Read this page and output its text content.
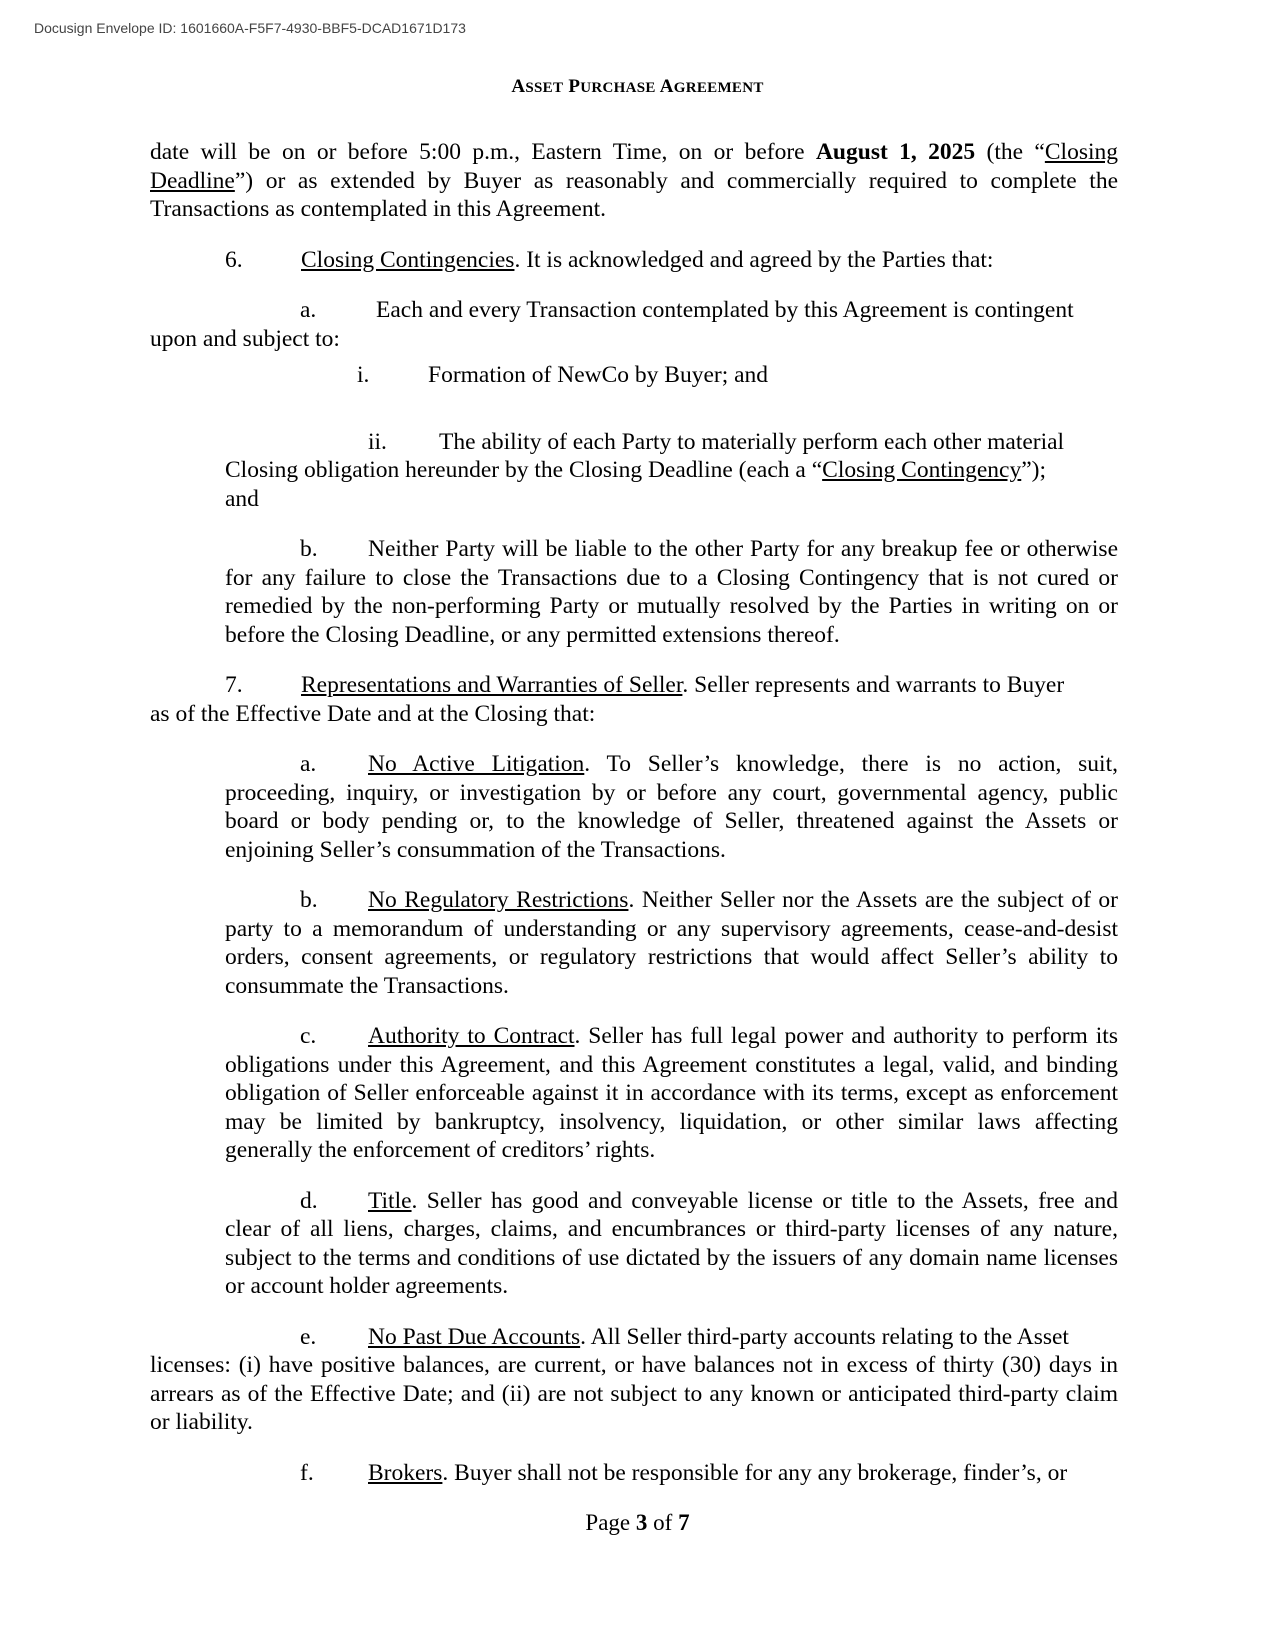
Docusign Envelope ID: 1601660A-F5F7-4930-BBF5-DCAD1671D173
ASSET PURCHASE AGREEMENT

date will be on or before 5:00 p.m., Eastern Time, on or before August 1, 2025 (the “Closing Deadline”) or as extended by Buyer as reasonably and commercially required to complete the Transactions as contemplated in this Agreement.

6. Closing Contingencies. It is acknowledged and agreed by the Parties that:

a.	Each and every Transaction contemplated by this Agreement is contingent
upon and subject to:

i. Formation of NewCo by Buyer; and

ii. The ability of each Party to materially perform each other material Closing obligation hereunder by the Closing Deadline (each a “Closing Contingency”); and

b. Neither Party will be liable to the other Party for any breakup fee or otherwise for any failure to close the Transactions due to a Closing Contingency that is not cured or remedied by the non-performing Party or mutually resolved by the Parties in writing on or before the Closing Deadline, or any permitted extensions thereof.

7. Representations and Warranties of Seller. Seller represents and warrants to Buyer
as of the Effective Date and at the Closing that:

a. No Active Litigation. To Seller’s knowledge, there is no action, suit, proceeding, inquiry, or investigation by or before any court, governmental agency, public board or body pending or, to the knowledge of Seller, threatened against the Assets or enjoining Seller’s consummation of the Transactions.

b. No Regulatory Restrictions. Neither Seller nor the Assets are the subject of or party to a memorandum of understanding or any supervisory agreements, cease-and-desist orders, consent agreements, or regulatory restrictions that would affect Seller’s ability to consummate the Transactions.

c. Authority to Contract. Seller has full legal power and authority to perform its obligations under this Agreement, and this Agreement constitutes a legal, valid, and binding obligation of Seller enforceable against it in accordance with its terms, except as enforcement may be limited by bankruptcy, insolvency, liquidation, or other similar laws affecting generally the enforcement of creditors’ rights.

d. Title. Seller has good and conveyable license or title to the Assets, free and clear of all liens, charges, claims, and encumbrances or third-party licenses of any nature, subject to the terms and conditions of use dictated by the issuers of any domain name licenses or account holder agreements.

e. No Past Due Accounts. All Seller third-party accounts relating to the Asset
licenses: (i) have positive balances, are current, or have balances not in excess of thirty (30) days in arrears as of the Effective Date; and (ii) are not subject to any known or anticipated third-party claim or liability.

f. Brokers. Buyer shall not be responsible for any any brokerage, finder’s, or

Page 3 of 7
